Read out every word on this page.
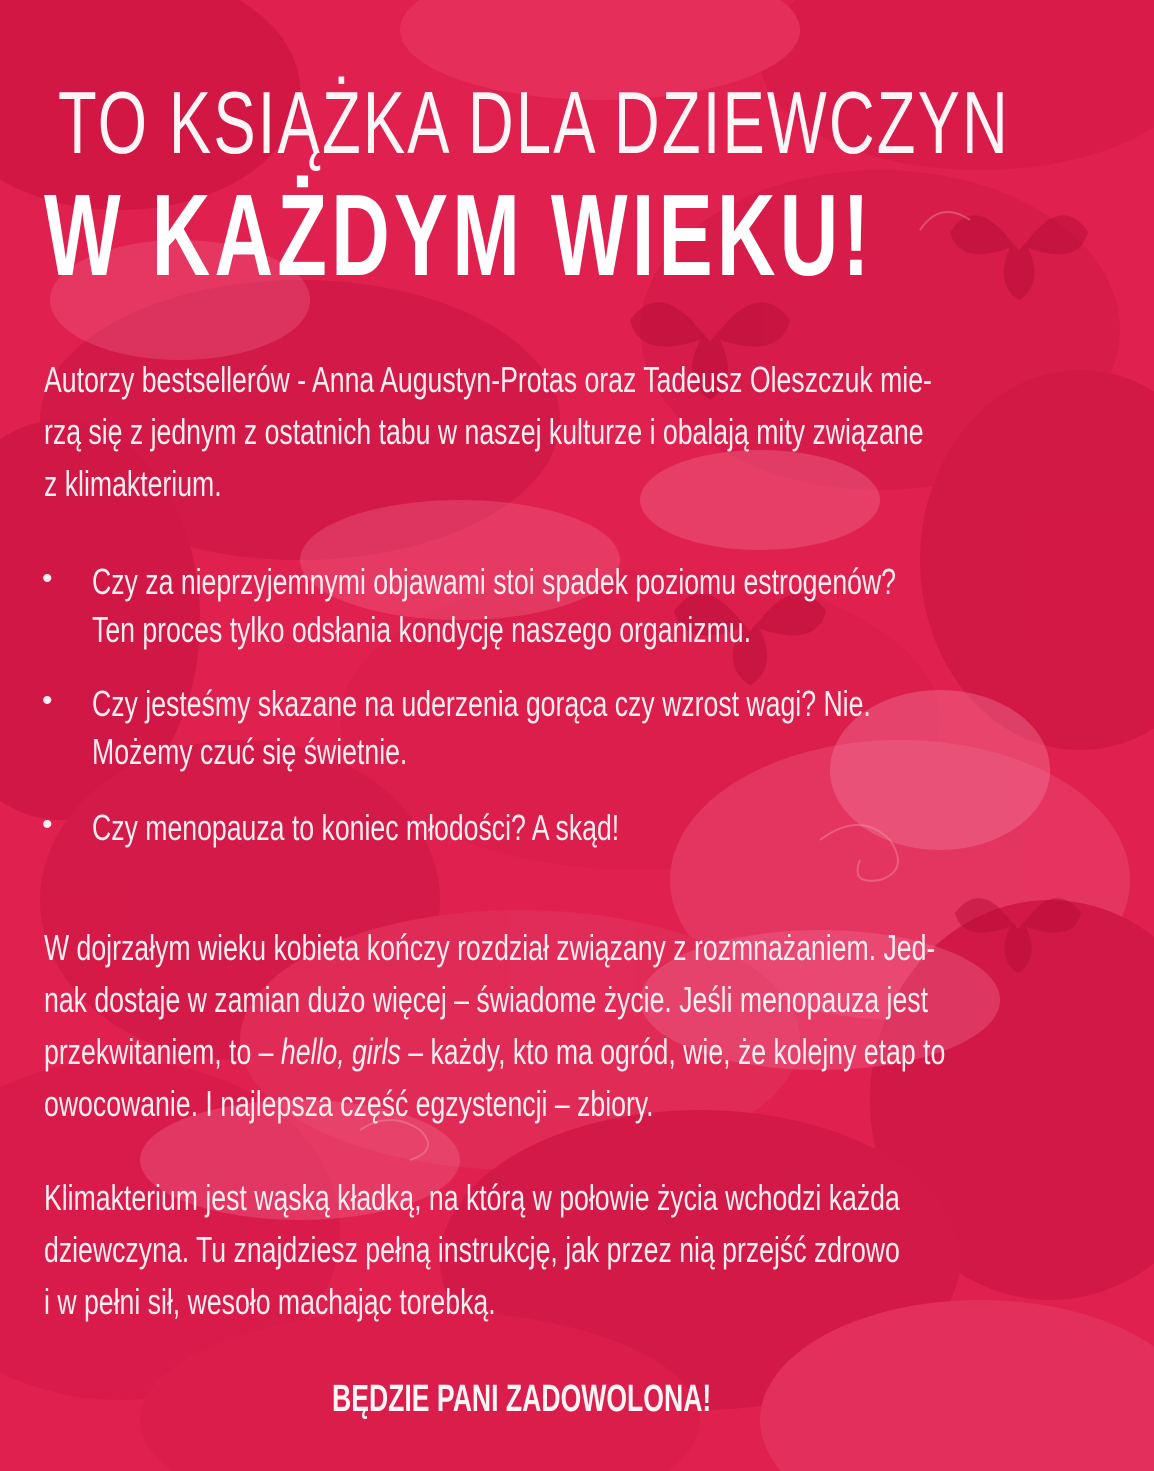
TO KSIĄŻKA DLA DZIEWCZYN
W KAŻDYM WIEKU!
Autorzy bestsellerów - Anna Augustyn-Protas oraz Tadeusz Oleszczuk mie-
rzą się z jednym z ostatnich tabu w naszej kulturze i obalają mity związane
z klimakterium.
• Czy za nieprzyjemnymi objawami stoi spadek poziomu estrogenów?
Ten proces tylko odsłania kondycję naszego organizmu.
• Czy jesteśmy skazane na uderzenia gorąca czy wzrost wagi? Nie.
Możemy czuć się świetnie.
• Czy menopauza to koniec młodości? A skąd!
W dojrzałym wieku kobieta kończy rozdział związany z rozmnażaniem. Jed-
nak dostaje w zamian dużo więcej – świadome życie. Jeśli menopauza jest
przekwitaniem, to – hello, girls – każdy, kto ma ogród, wie, że kolejny etap to
owocowanie. I najlepsza część egzystencji – zbiory.
Klimakterium jest wąską kładką, na którą w połowie życia wchodzi każda
dziewczyna. Tu znajdziesz pełną instrukcję, jak przez nią przejść zdrowo
i w pełni sił, wesoło machając torebką.
BĘDZIE PANI ZADOWOLONA!
